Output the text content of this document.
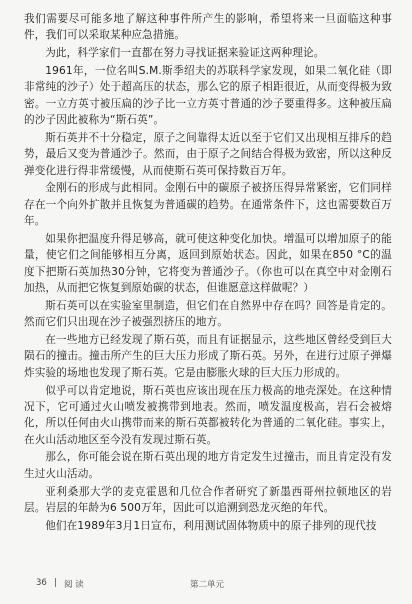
我们需要尽可能多地了解这种事件所产生的影响，希望将来一旦面临这种事件，我们可以采取某种应急措施。

为此，科学家们一直都在努力寻找证据来验证这两种理论。

1961年，一位名叫S.M.斯季绍夫的苏联科学家发现，如果二氧化硅（即非常纯的沙子）处于超高压的状态，那么它的原子相距很近，从而变得极为致密。一立方英寸被压扁的沙子比一立方英寸普通的沙子要重得多。这种被压扁的沙子因此被称为“斯石英”。

斯石英并不十分稳定，原子之间靠得太近以至于它们又出现相互排斥的趋势，最后又变为普通沙子。然而，由于原子之间结合得极为致密，所以这种反弹变化进行得非常缓慢，从而使斯石英可保持数百万年。

金刚石的形成与此相同。金刚石中的碳原子被挤压得异常紧密，它们同样存在一个向外扩散并且恢复为普通碳的趋势。在通常条件下，这也需要数百万年。

如果你把温度升得足够高，就可使这种变化加快。增温可以增加原子的能量，使它们之间能够相互分离，返回到原始状态。因此，如果在850 °C的温度下把斯石英加热30分钟，它将变为普通沙子。（你也可以在真空中对金刚石加热，从而把它恢复到原始碳的状态，但谁愿意这样做呢？）

斯石英可以在实验室里制造，但它们在自然界中存在吗？回答是肯定的。然而它们只出现在沙子被强烈挤压的地方。

在一些地方已经发现了斯石英，而且有证据显示，这些地区曾经受到巨大陨石的撞击。撞击所产生的巨大压力形成了斯石英。另外，在进行过原子弹爆炸实验的场地也发现了斯石英。它是由膨胀火球的巨大压力形成的。

似乎可以肯定地说，斯石英也应该出现在压力极高的地壳深处。在这种情况下，它可通过火山喷发被携带到地表。然而，喷发温度极高，岩石会被熔化，所以任何由火山携带而来的斯石英都被转化为普通的二氧化硅。事实上，在火山活动地区至今没有发现过斯石英。

那么，你可能会说在斯石英出现的地方肯定发生过撞击，而且肯定没有发生过火山活动。

亚利桑那大学的麦克霍恩和几位合作者研究了新墨西哥州拉顿地区的岩层。岩层的年龄为6 500万年，因此可以追溯到恐龙灭绝的年代。

他们在1989年3月1日宣布，利用测试固体物质中的原子排列的现代技

36 | 阅 读	第二单元
